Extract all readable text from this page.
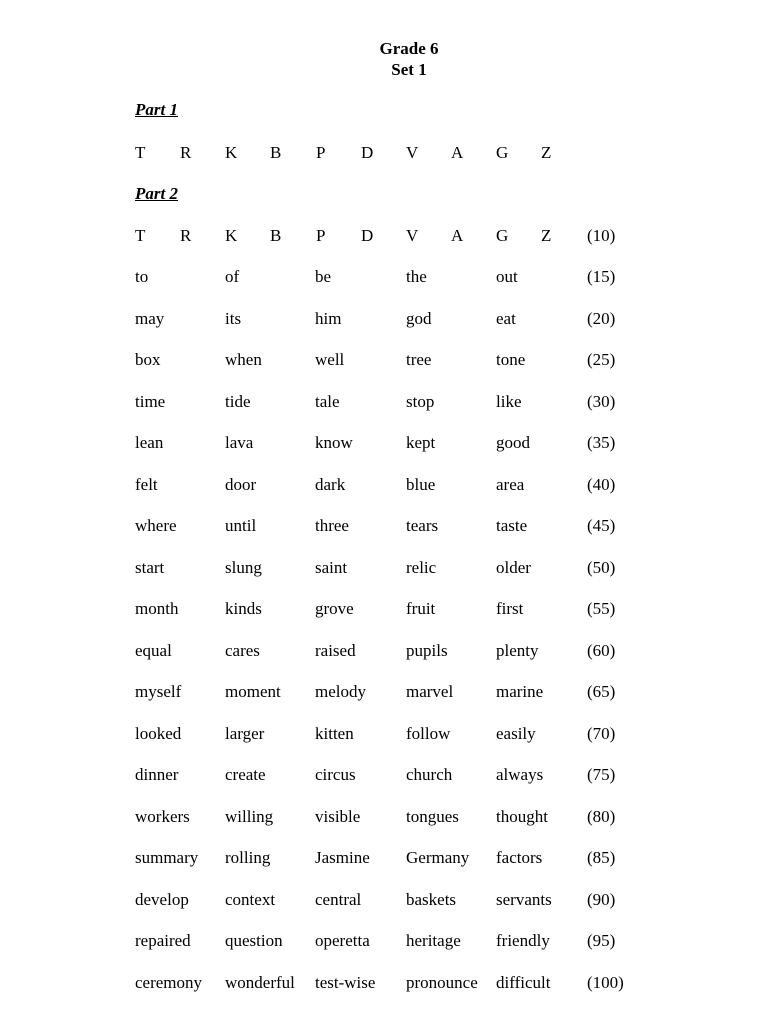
Grade 6
Set 1
Part 1
T R K B P D V A G Z
Part 2
T R K B P D V A G Z (10)
to	of	be	the	out	(15)
may	its	him	god	eat	(20)
box	when	well	tree	tone	(25)
time	tide	tale	stop	like	(30)
lean	lava	know	kept	good	(35)
felt	door	dark	blue	area	(40)
where	until	three	tears	taste	(45)
start	slung	saint	relic	older	(50)
month	kinds	grove	fruit	first	(55)
equal	cares	raised	pupils	plenty	(60)
myself	moment melody marvel	marine	(65)
looked	larger	kitten	follow	easily	(70)
dinner	create	circus	church	always	(75)
workers willing visible	tongues thought (80)
summary rolling	Jasmine Germany factors	(85)
develop context central	baskets servants (90)
repaired question operetta heritage friendly (95)
ceremony wonderful test-wise pronounce difficult (100)
